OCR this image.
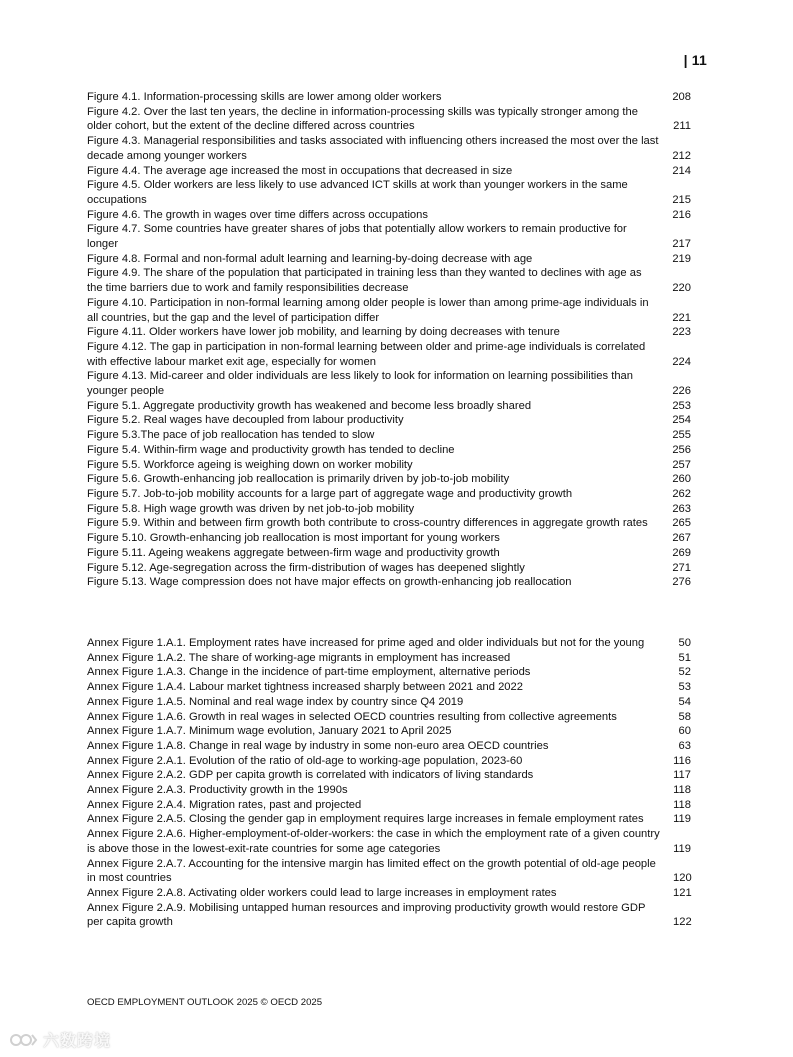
| 11
Figure 4.1. Information-processing skills are lower among older workers	208
Figure 4.2. Over the last ten years, the decline in information-processing skills was typically stronger among the older cohort, but the extent of the decline differed across countries	211
Figure 4.3. Managerial responsibilities and tasks associated with influencing others increased the most over the last decade among younger workers	212
Figure 4.4. The average age increased the most in occupations that decreased in size	214
Figure 4.5. Older workers are less likely to use advanced ICT skills at work than younger workers in the same occupations	215
Figure 4.6. The growth in wages over time differs across occupations	216
Figure 4.7. Some countries have greater shares of jobs that potentially allow workers to remain productive for longer	217
Figure 4.8. Formal and non-formal adult learning and learning-by-doing decrease with age	219
Figure 4.9. The share of the population that participated in training less than they wanted to declines with age as the time barriers due to work and family responsibilities decrease	220
Figure 4.10. Participation in non-formal learning among older people is lower than among prime-age individuals in all countries, but the gap and the level of participation differ	221
Figure 4.11. Older workers have lower job mobility, and learning by doing decreases with tenure	223
Figure 4.12. The gap in participation in non-formal learning between older and prime-age individuals is correlated with effective labour market exit age, especially for women	224
Figure 4.13. Mid-career and older individuals are less likely to look for information on learning possibilities than younger people	226
Figure 5.1. Aggregate productivity growth has weakened and become less broadly shared	253
Figure 5.2. Real wages have decoupled from labour productivity	254
Figure 5.3.The pace of job reallocation has tended to slow	255
Figure 5.4. Within-firm wage and productivity growth has tended to decline	256
Figure 5.5. Workforce ageing is weighing down on worker mobility	257
Figure 5.6. Growth-enhancing job reallocation is primarily driven by job-to-job mobility	260
Figure 5.7. Job-to-job mobility accounts for a large part of aggregate wage and productivity growth	262
Figure 5.8. High wage growth was driven by net job-to-job mobility	263
Figure 5.9. Within and between firm growth both contribute to cross-country differences in aggregate growth rates	265
Figure 5.10. Growth-enhancing job reallocation is most important for young workers	267
Figure 5.11. Ageing weakens aggregate between-firm wage and productivity growth	269
Figure 5.12. Age-segregation across the firm-distribution of wages has deepened slightly	271
Figure 5.13. Wage compression does not have major effects on growth-enhancing job reallocation	276
Annex Figure 1.A.1. Employment rates have increased for prime aged and older individuals but not for the young	50
Annex Figure 1.A.2. The share of working-age migrants in employment has increased	51
Annex Figure 1.A.3. Change in the incidence of part-time employment, alternative periods	52
Annex Figure 1.A.4. Labour market tightness increased sharply between 2021 and 2022	53
Annex Figure 1.A.5. Nominal and real wage index by country since Q4 2019	54
Annex Figure 1.A.6. Growth in real wages in selected OECD countries resulting from collective agreements	58
Annex Figure 1.A.7. Minimum wage evolution, January 2021 to April 2025	60
Annex Figure 1.A.8. Change in real wage by industry in some non-euro area OECD countries	63
Annex Figure 2.A.1. Evolution of the ratio of old-age to working-age population, 2023-60	116
Annex Figure 2.A.2. GDP per capita growth is correlated with indicators of living standards	117
Annex Figure 2.A.3. Productivity growth in the 1990s	118
Annex Figure 2.A.4. Migration rates, past and projected	118
Annex Figure 2.A.5. Closing the gender gap in employment requires large increases in female employment rates	119
Annex Figure 2.A.6. Higher-employment-of-older-workers: the case in which the employment rate of a given country is above those in the lowest-exit-rate countries for some age categories	119
Annex Figure 2.A.7. Accounting for the intensive margin has limited effect on the growth potential of old-age people in most countries	120
Annex Figure 2.A.8. Activating older workers could lead to large increases in employment rates	121
Annex Figure 2.A.9. Mobilising untapped human resources and improving productivity growth would restore GDP per capita growth	122
OECD EMPLOYMENT OUTLOOK 2025 © OECD 2025
六数跨境
